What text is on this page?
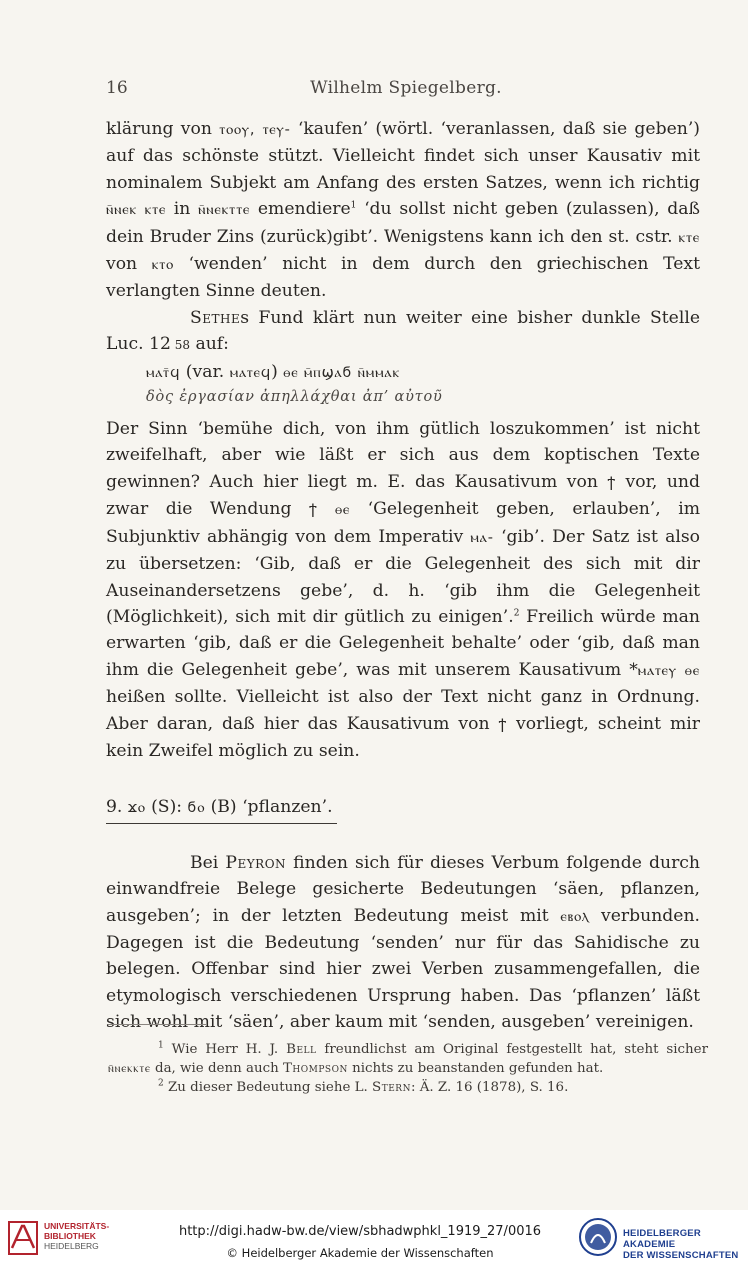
16	Wilhelm Spiegelberg.

klärung von ⲧⲟⲟⲩ, ⲧⲉⲩ- ‘kaufen’ (wörtl. ‘veranlassen, daß sie geben’) auf das schönste stützt. Vielleicht findet sich unser Kausativ mit nominalem Subjekt am Anfang des ersten Satzes, wenn ich richtig ⲛ̄ⲛⲉⲕ ⲕⲧⲉ in ⲛ̄ⲛⲉⲕⲧⲧⲉ emendiere$^1$ ‘du sollst nicht geben (zulassen), daß dein Bruder Zins (zurück)gibt’. Wenigstens kann ich den st. cstr. ⲕⲧⲉ von ⲕⲧⲟ ‘wenden’ nicht in dem durch den griechischen Text verlangten Sinne deuten.

Sethes Fund klärt nun weiter eine bisher dunkle Stelle Luc. 12 58 auf:

ⲙⲁⲧ̄ϥ (var. ⲙⲁⲧⲉϥ) ⲑⲉ ⲙ̄ⲡϣⲁϭ ⲛ̄ⲙⲙⲁⲕ

δὸς ἐργασίαν ἀπηλλάχθαι ἀπ’ αὐτοῦ

Der Sinn ‘bemühe dich, von ihm gütlich loszukommen’ ist nicht zweifelhaft, aber wie läßt er sich aus dem koptischen Texte gewinnen? Auch hier liegt m. E. das Kausativum von ϯ vor, und zwar die Wendung ϯ ⲑⲉ ‘Gelegenheit geben, erlauben’, im Subjunktiv abhängig von dem Imperativ ⲙⲁ- ‘gib’. Der Satz ist also zu übersetzen: ‘Gib, daß er die Gelegenheit des sich mit dir Auseinandersetzens gebe’, d. h. ‘gib ihm die Gelegenheit (Möglichkeit), sich mit dir gütlich zu einigen’.$^2$ Freilich würde man erwarten ‘gib, daß er die Gelegenheit behalte’ oder ‘gib, daß man ihm die Gelegenheit gebe’, was mit unserem Kausativum *ⲙⲁⲧⲉⲩ ⲑⲉ heißen sollte. Vielleicht ist also der Text nicht ganz in Ordnung. Aber daran, daß hier das Kausativum von ϯ vorliegt, scheint mir kein Zweifel möglich zu sein.

9. ϫⲟ (S): ϭⲟ (B) ‘pflanzen’.

Bei Peyron finden sich für dieses Verbum folgende durch einwandfreie Belege gesicherte Bedeutungen ‘säen, pflanzen, ausgeben’; in der letzten Bedeutung meist mit ⲉⲃⲟⲗ verbunden. Dagegen ist die Bedeutung ‘senden’ nur für das Sahidische zu belegen. Offenbar sind hier zwei Verben zusammengefallen, die etymologisch verschiedenen Ursprung haben. Das ‘pflanzen’ läßt sich wohl mit ‘säen’, aber kaum mit ‘senden, ausgeben’ vereinigen.

$^1$ Wie Herr H. J. Bell freundlichst am Original festgestellt hat, steht sicher ⲛ̄ⲛⲉⲕⲕⲧⲉ da, wie denn auch Thompson nichts zu beanstanden gefunden hat.

$^2$ Zu dieser Bedeutung siehe L. Stern: Ä. Z. 16 (1878), S. 16.

UNIVERSITÄTS-
BIBLIOTHEK
HEIDELBERG
http://digi.hadw-bw.de/view/sbhadwphkl_1919_27/0016
© Heidelberger Akademie der Wissenschaften
HEIDELBERGER AKADEMIE
DER WISSENSCHAFTEN
